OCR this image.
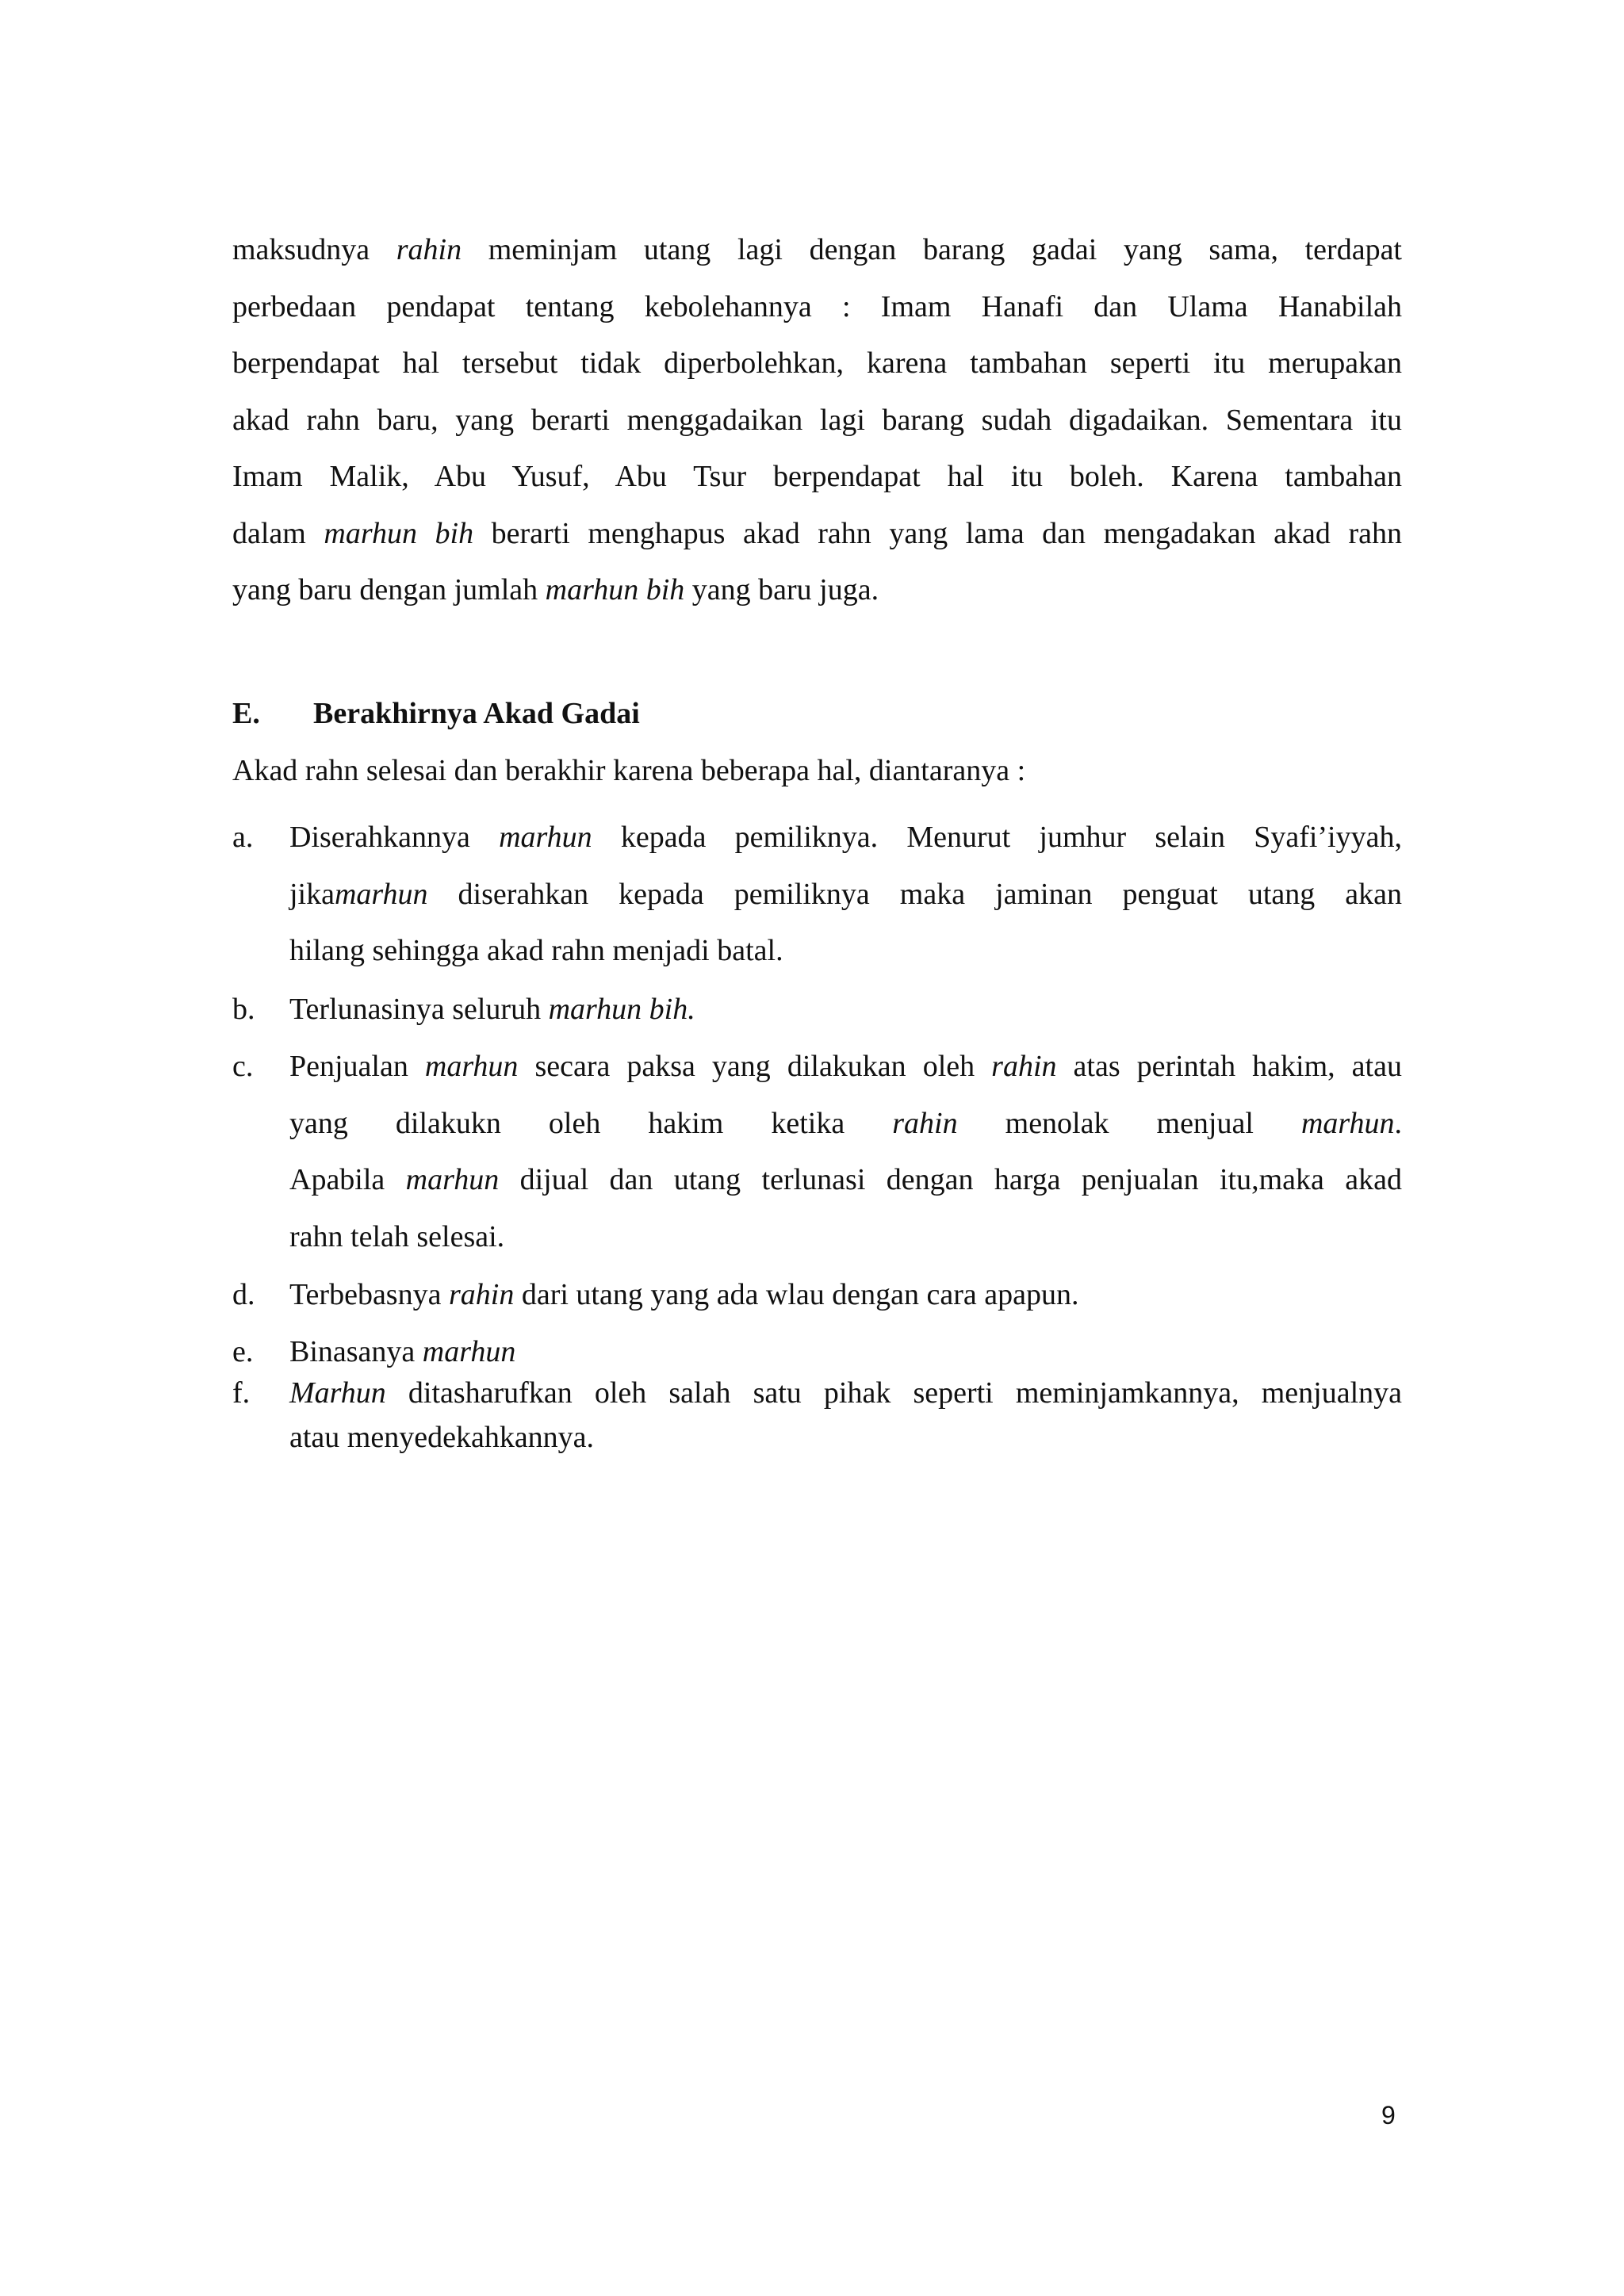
maksudnya rahin meminjam utang lagi dengan barang gadai yang sama, terdapat
perbedaan pendapat tentang kebolehannya : Imam Hanafi dan Ulama Hanabilah
berpendapat hal tersebut tidak diperbolehkan, karena tambahan seperti itu merupakan
akad rahn baru, yang berarti menggadaikan lagi barang sudah digadaikan. Sementara itu
Imam Malik, Abu Yusuf, Abu Tsur berpendapat hal itu boleh. Karena tambahan
dalam marhun bih berarti menghapus akad rahn yang lama dan mengadakan akad rahn
yang baru dengan jumlah marhun bih yang baru juga.
E. Berakhirnya Akad Gadai
Akad rahn selesai dan berakhir karena beberapa hal, diantaranya :
a. Diserahkannya marhun kepada pemiliknya. Menurut jumhur selain Syafi’iyyah,
jikamarhun diserahkan kepada pemiliknya maka jaminan penguat utang akan
hilang sehingga akad rahn menjadi batal.
b. Terlunasinya seluruh marhun bih.
c. Penjualan marhun secara paksa yang dilakukan oleh rahin atas perintah hakim, atau
yang dilakukn oleh hakim ketika rahin menolak menjual marhun.
Apabila marhun dijual dan utang terlunasi dengan harga penjualan itu,maka akad
rahn telah selesai.
d. Terbebasnya rahin dari utang yang ada wlau dengan cara apapun.
e. Binasanya marhun
f. Marhun ditasharufkan oleh salah satu pihak seperti meminjamkannya, menjualnya
atau menyedekahkannya.
9
